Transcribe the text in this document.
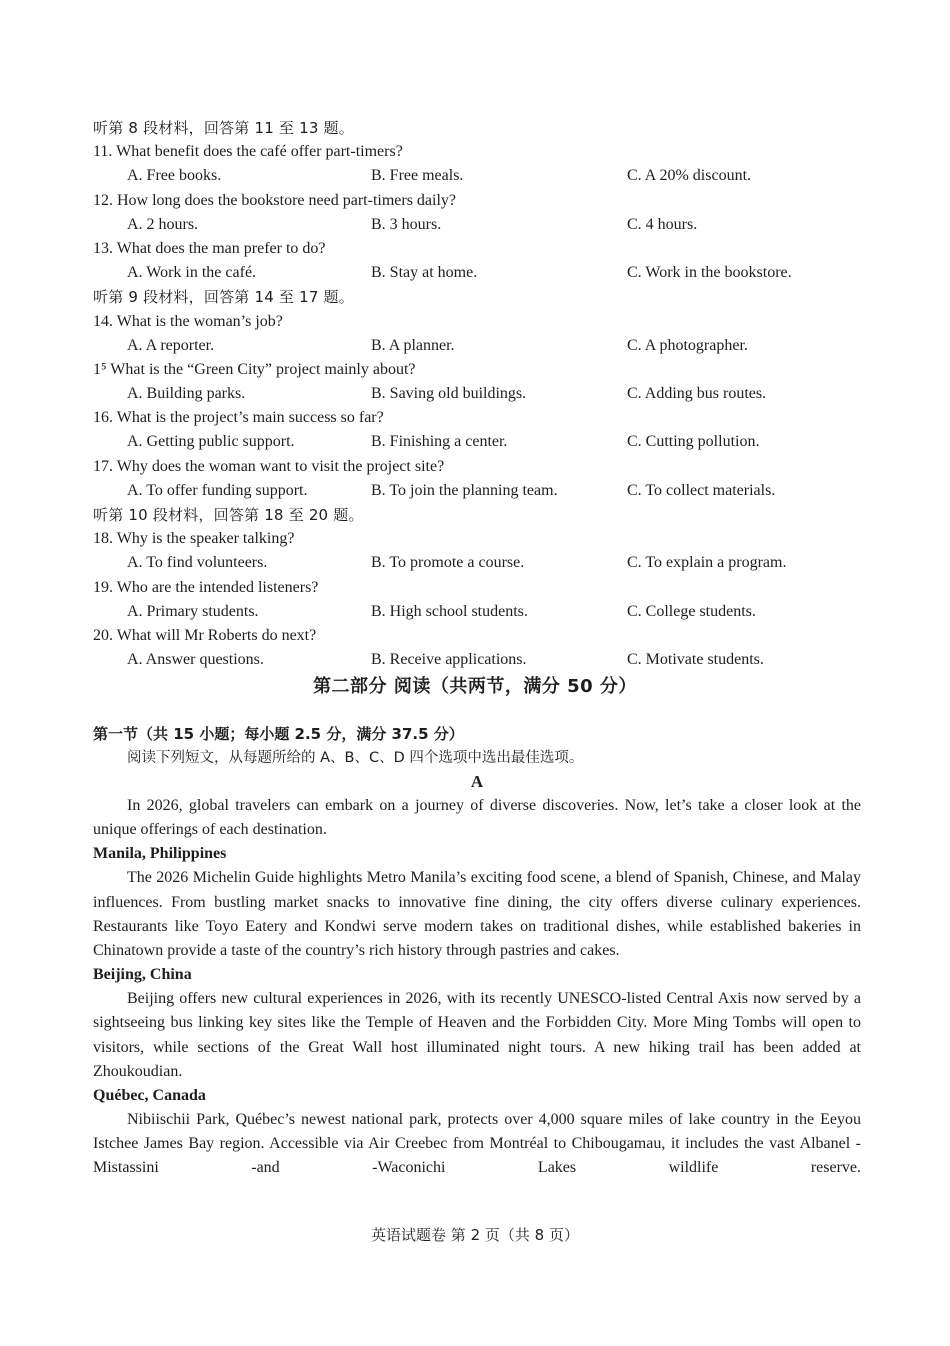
听第 8 段材料，回答第 11 至 13 题。
11. What benefit does the café offer part-timers?
A. Free books.	B. Free meals.	C. A 20% discount.
12. How long does the bookstore need part-timers daily?
A. 2 hours.	B. 3 hours.	C. 4 hours.
13. What does the man prefer to do?
A. Work in the café.	B. Stay at home.	C. Work in the bookstore.
听第 9 段材料，回答第 14 至 17 题。
14. What is the woman’s job?
A. A reporter.	B. A planner.	C. A photographer.
1⁵ What is the “Green City” project mainly about?
A. Building parks.	B. Saving old buildings.	C. Adding bus routes.
16. What is the project’s main success so far?
A. Getting public support.	B. Finishing a center.	C. Cutting pollution.
17. Why does the woman want to visit the project site?
A. To offer funding support.	B. To join the planning team.	C. To collect materials.
听第 10 段材料，回答第 18 至 20 题。
18. Why is the speaker talking?
A. To find volunteers.	B. To promote a course.	C. To explain a program.
19. Who are the intended listeners?
A. Primary students.	B. High school students.	C. College students.
20. What will Mr Roberts do next?
A. Answer questions.	B. Receive applications.	C. Motivate students.
第二部分 阅读（共两节，满分 50 分）
第一节（共 15 小题；每小题 2.5 分，满分 37.5 分）
阅读下列短文，从每题所给的 A、B、C、D 四个选项中选出最佳选项。
A

In 2026, global travelers can embark on a journey of diverse discoveries. Now, let’s take a closer look at the unique offerings of each destination.

Manila, Philippines

The 2026 Michelin Guide highlights Metro Manila’s exciting food scene, a blend of Spanish, Chinese, and Malay influences. From bustling market snacks to innovative fine dining, the city offers diverse culinary experiences. Restaurants like Toyo Eatery and Kondwi serve modern takes on traditional dishes, while established bakeries in Chinatown provide a taste of the country’s rich history through pastries and cakes.

Beijing, China

Beijing offers new cultural experiences in 2026, with its recently UNESCO-listed Central Axis now served by a sightseeing bus linking key sites like the Temple of Heaven and the Forbidden City. More Ming Tombs will open to visitors, while sections of the Great Wall host illuminated night tours. A new hiking trail has been added at Zhoukoudian.

Québec, Canada

Nibiischii Park, Québec’s newest national park, protects over 4,000 square miles of lake country in the Eeyou Istchee James Bay region. Accessible via Air Creebec from Montréal to Chibougamau, it includes the vast Albanel -Mistassini -and -Waconichi Lakes wildlife reserve.

英语试题卷 第 2 页（共 8 页）
